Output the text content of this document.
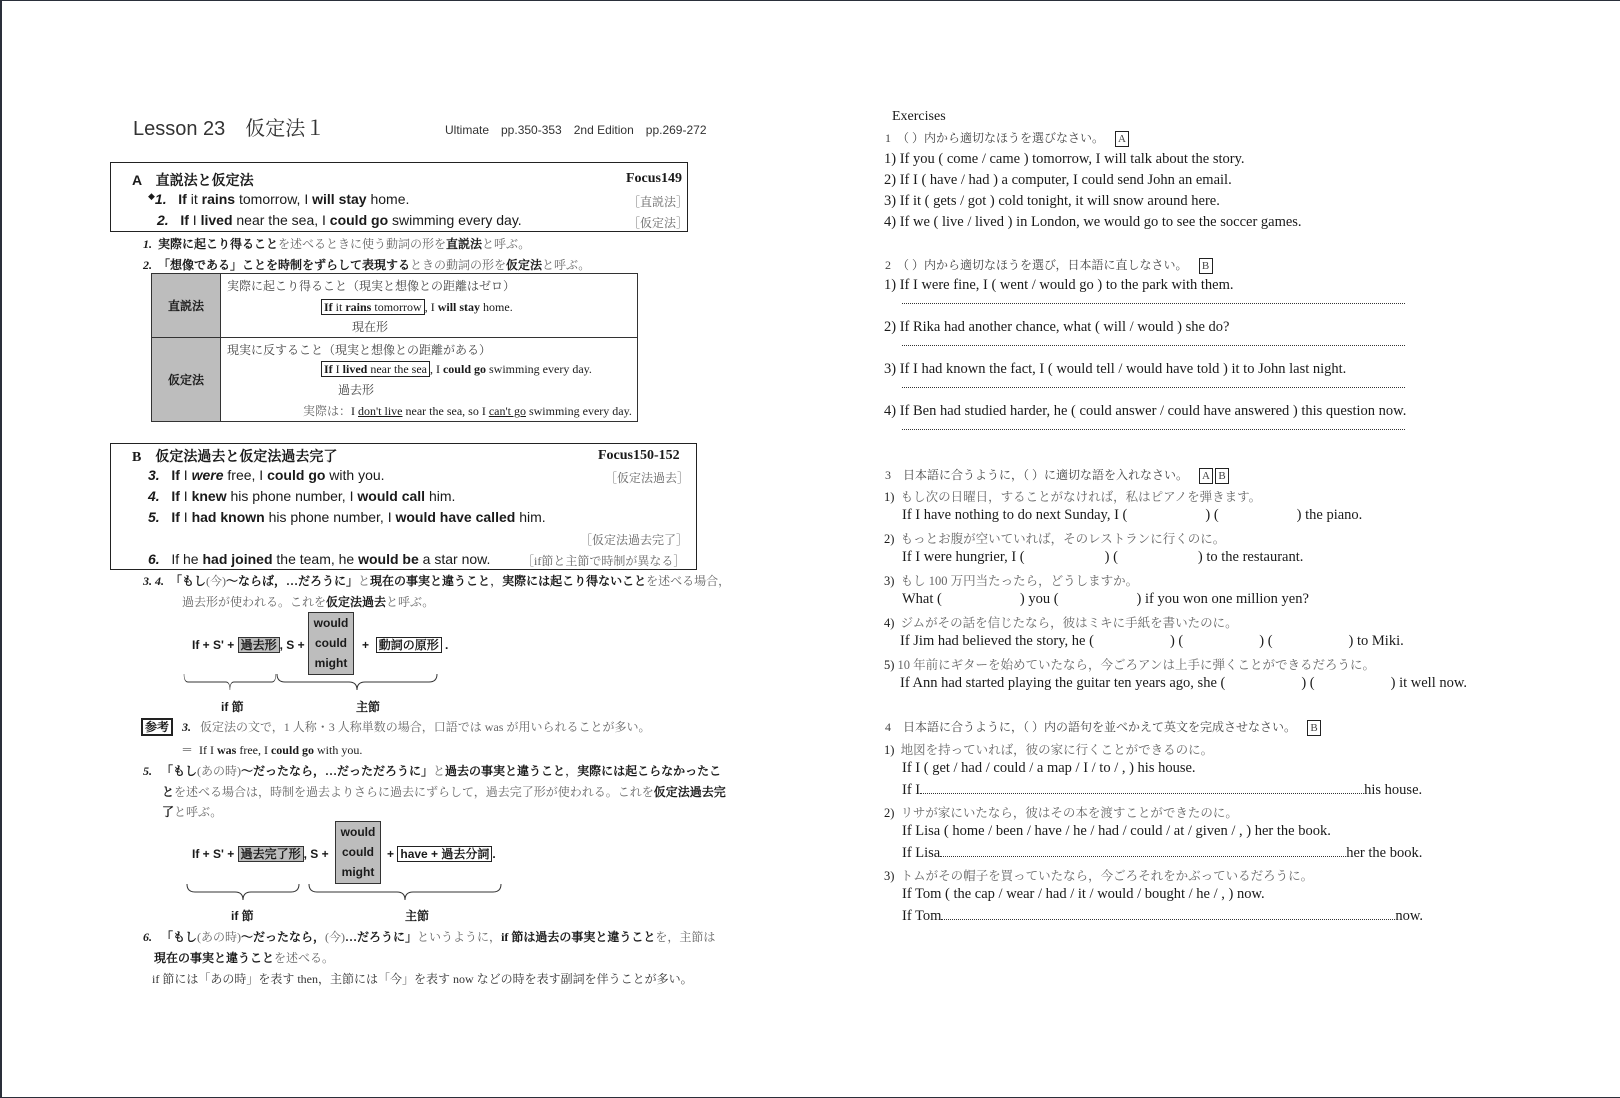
Lesson 23　仮定法１	Ultimate　pp.350-353　2nd Edition　pp.269-272
A　直説法と仮定法	Focus149
◆1. If it rains tomorrow, I will stay home.	［直説法］
2. If I lived near the sea, I could go swimming every day.	［仮定法］
1. 実際に起こり得ることを述べるときに使う動詞の形を直説法と呼ぶ。
2. 「想像である」ことを時制をずらして表現するときの動詞の形を仮定法と呼ぶ。
直説法	実際に起こり得ること（現実と想像との距離はゼロ）
If it rains tomorrow , I will stay home.
現在形

仮定法	現実に反すること（現実と想像との距離がある）
If I lived near the sea , I could go swimming every day.
過去形
実際は：I don't live near the sea, so I can't go swimming every day.
B　仮定法過去と仮定法過去完了	Focus150-152
3. If I were free, I could go with you.	［仮定法過去］
4. If I knew his phone number, I would call him.
5. If I had known his phone number, I would have called him.
［仮定法過去完了］
6.   If he had joined the team, he would be a star now.	［if節と主節で時制が異なる］
3. 4. 「もし(今)〜ならば，…だろうに」と現在の事実と違うこと，実際には起こり得ないことを述べる場合，
過去形が使われる。これを仮定法過去と呼ぶ。
If + S' + 過去形 , S +
would
could
might
+ 動詞の原形 .
if 節	主節
参考 3. 仮定法の文で，1 人称・3 人称単数の場合，口語では was が用いられることが多い。
＝  If I was free, I could go with you.
5. 「もし(あの時)〜だったなら，…だっただろうに」と過去の事実と違うこと，実際には起こらなかったこ
とを述べる場合は，時制を過去よりさらに過去にずらして，過去完了形が使われる。これを仮定法過去完
了と呼ぶ。
If + S' + 過去完了形 , S +
would
could
might
+ have + 過去分詞 .
if 節	主節
6. 「もし(あの時)〜だったなら，(今)…だろうに」というように，if 節は過去の事実と違うことを，主節は
現在の事実と違うことを述べる。
if 節には「あの時」を表す then，主節には「今」を表す now などの時を表す副詞を伴うことが多い。
Exercises
1　（ ）内から適切なほうを選びなさい。 A
1) If you ( come / came ) tomorrow, I will talk about the story.
2) If I ( have / had ) a computer, I could send John an email.
3) If it ( gets / got ) cold tonight, it will snow around here.
4) If we ( live / lived ) in London, we would go to see the soccer games.
2　（ ）内から適切なほうを選び，日本語に直しなさい。 B
1) If I were fine, I ( went / would go ) to the park with them.
2) If Rika had another chance, what ( will / would ) she do?
3) If I had known the fact, I ( would tell / would have told ) it to John last night.
4) If Ben had studied harder, he ( could answer / could have answered ) this question now.
3　日本語に合うように，（ ）に適切な語を入れなさい。 A B
1) もし次の日曜日，することがなければ，私はピアノを弾きます。
If I have nothing to do next Sunday, I (	) (	) the piano.
2) もっとお腹が空いていれば，そのレストランに行くのに。
If I were hungrier, I (	) (	) to the restaurant.
3) もし 100 万円当たったら，どうしますか。
What (	) you (	) if you won one million yen?
4) ジムがその話を信じたなら，彼はミキに手紙を書いたのに。
If Jim had believed the story, he (	) (	) (	) to Miki.
5) 10 年前にギターを始めていたなら，今ごろアンは上手に弾くことができるだろうに。
If Ann had started playing the guitar ten years ago, she (	) (	) it well now.
4　日本語に合うように，（ ）内の語句を並べかえて英文を完成させなさい。 B
1) 地図を持っていれば，彼の家に行くことができるのに。
If I ( get / had / could / a map / I / to / , ) his house.
If I	his house.
2) リサが家にいたなら，彼はその本を渡すことができたのに。
If Lisa ( home / been / have / he / had / could / at / given / , ) her the book.
If Lisa	her the book.
3) トムがその帽子を買っていたなら，今ごろそれをかぶっているだろうに。
If Tom ( the cap / wear / had / it / would / bought / he / , ) now.
If Tom	now.
